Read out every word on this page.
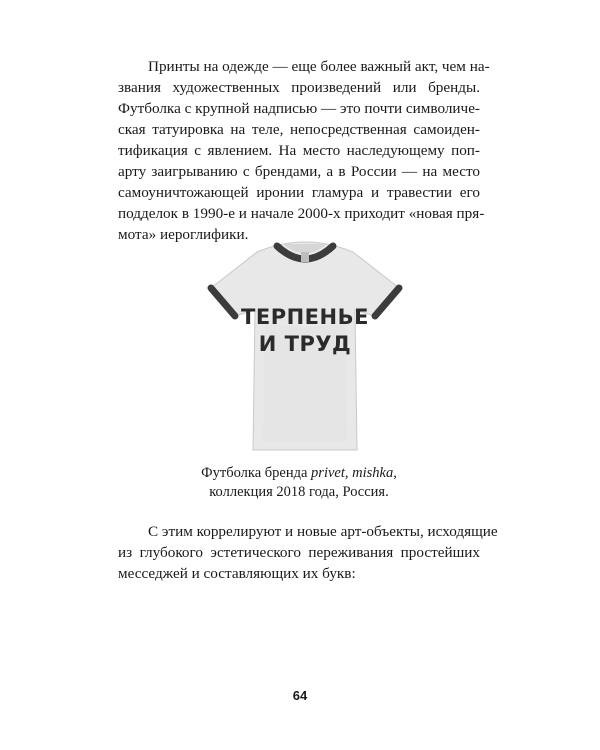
Принты на одежде — еще более важный акт, чем на-
звания художественных произведений или бренды.
Футболка с крупной надписью — это почти символиче-
ская татуировка на теле, непосредственная самоиден-
тификация с явлением. На место наследующему поп-
арту заигрыванию с брендами, а в России — на место
самоуничтожающей иронии гламура и травестии его
подделок в 1990-е и начале 2000-х приходит «новая пря-
мота» иероглифики.
ТЕРПЕНЬЕ
И ТРУД
Футболка бренда privet, mishka,
коллекция 2018 года, Россия.
С этим коррелируют и новые арт-объекты, исходящие
из глубокого эстетического переживания простейших
месседжей и составляющих их букв:
64
